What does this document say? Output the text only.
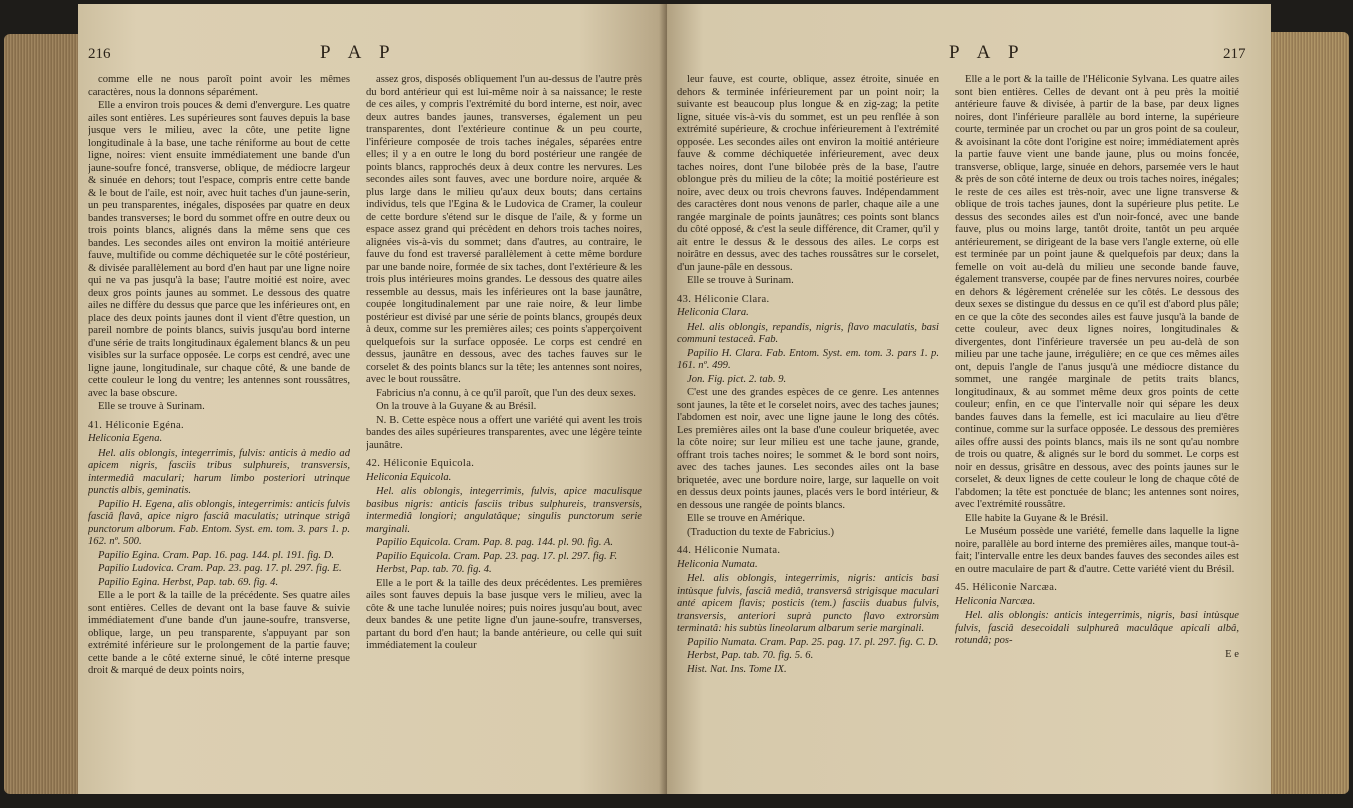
216	P A P

comme elle ne nous paroît point avoir les mêmes caractères, nous la donnons séparément.

Elle a environ trois pouces & demi d'envergure. Les quatre ailes sont entières. Les supérieures sont fauves depuis la base jusque vers le milieu, avec la côte, une petite ligne longitudinale à la base, une tache réniforme au bout de cette ligne, noires: vient ensuite immédiatement une bande d'un jaune-soufre foncé, transverse, oblique, de médiocre largeur & sinuée en dehors; tout l'espace, compris entre cette bande & le bout de l'aile, est noir, avec huit taches d'un jaune-serin, un peu transparentes, inégales, disposées par quatre en deux bandes transverses; le bord du sommet offre en outre deux ou trois points blancs, alignés dans la même sens que ces bandes. Les secondes ailes ont environ la moitié antérieure fauve, multifide ou comme déchiquetée sur le côté postérieur, & divisée parallèlement au bord d'en haut par une ligne noire qui ne va pas jusqu'à la base; l'autre moitié est noire, avec deux gros points jaunes au sommet. Le dessous des quatre ailes ne diffère du dessus que parce que les inférieures ont, en place des deux points jaunes dont il vient d'être question, un pareil nombre de points blancs, suivis jusqu'au bord interne d'une série de traits longitudinaux également blancs & un peu visibles sur la surface opposée. Le corps est cendré, avec une ligne jaune, longitudinale, sur chaque côté, & une bande de cette couleur le long du ventre; les antennes sont roussâtres, avec la base obscure.

Elle se trouve à Surinam.

41. Héliconie Egéna.

Heliconia Egena.

Hel. alis oblongis, integerrimis, fulvis: anticis à medio ad apicem nigris, fasciis tribus sulphureis, transversis, intermediâ maculari; harum limbo posteriori utrinque punctis albis, geminatis.

Papilio H. Egena, alis oblongis, integerrimis: anticis fulvis fasciâ flavâ, apice nigro fasciâ maculatis; utrinque strigâ punctorum alborum. Fab. Entom. Syst. em. tom. 3. pars 1. p. 162. nº. 500.

Papilio Egina. Cram. Pap. 16. pag. 144. pl. 191. fig. D.

Papilio Ludovica. Cram. Pap. 23. pag. 17. pl. 297. fig. E.

Papilio Egina. Herbst, Pap. tab. 69. fig. 4.

Elle a le port & la taille de la précédente. Ses quatre ailes sont entières. Celles de devant ont la base fauve & suivie immédiatement d'une bande d'un jaune-soufre, transverse, oblique, large, un peu transparente, s'appuyant par son extrémité inférieure sur le prolongement de la partie fauve; cette bande a le côté externe sinué, le côté interne presque droit & marqué de deux points noirs,

assez gros, disposés obliquement l'un au-dessus de l'autre près du bord antérieur qui est lui-même noir à sa naissance; le reste de ces ailes, y compris l'extrémité du bord interne, est noir, avec deux autres bandes jaunes, transverses, également un peu transparentes, dont l'extérieure continue & un peu courte, l'inférieure composée de trois taches inégales, séparées entre elles; il y a en outre le long du bord postérieur une rangée de points blancs, rapprochés deux à deux contre les nervures. Les secondes ailes sont fauves, avec une bordure noire, arquée & plus large dans le milieu qu'aux deux bouts; dans certains individus, tels que l'Egina & le Ludovica de Cramer, la couleur de cette bordure s'étend sur le disque de l'aile, & y forme un espace assez grand qui précèdent en dehors trois taches noires, alignées vis-à-vis du sommet; dans d'autres, au contraire, le fauve du fond est traversé parallèlement à cette même bordure par une bande noire, formée de six taches, dont l'extérieure & les trois plus intérieures moins grandes. Le dessous des quatre ailes ressemble au dessus, mais les inférieures ont la base jaunâtre, coupée longitudinalement par une raie noire, & leur limbe postérieur est divisé par une série de points blancs, groupés deux à deux, comme sur les premières ailes; ces points s'apperçoivent quelquefois sur la surface opposée. Le corps est cendré en dessus, jaunâtre en dessous, avec des taches fauves sur le corselet & des points blancs sur la tête; les antennes sont noires, avec le bout roussâtre.

Fabricius n'a connu, à ce qu'il paroît, que l'un des deux sexes.

On la trouve à la Guyane & au Brésil.

N. B. Cette espèce nous a offert une variété qui avent les trois bandes des ailes supérieures transparentes, avec une légère teinte jaunâtre.

42. Héliconie Equicola.

Heliconia Equicola.

Hel. alis oblongis, integerrimis, fulvis, apice maculisque basibus nigris: anticis fasciis tribus sulphureis, transversis, intermediâ longiori; angulatâque; singulis punctorum serie marginali.

Papilio Equicola. Cram. Pap. 8. pag. 144. pl. 90. fig. A.

Papilio Equicola. Cram. Pap. 23. pag. 17. pl. 297. fig. F.

Herbst, Pap. tab. 70. fig. 4.

Elle a le port & la taille des deux précédentes. Les premières ailes sont fauves depuis la base jusque vers le milieu, avec la côte & une tache lunulée noires; puis noires jusqu'au bout, avec deux bandes & une petite ligne d'un jaune-soufre, transverses, partant du bord d'en haut; la bande antérieure, ou celle qui suit immédiatement la couleur

P A P	217

leur fauve, est courte, oblique, assez étroite, sinuée en dehors & terminée inférieurement par un point noir; la suivante est beaucoup plus longue & en zig-zag; la petite ligne, située vis-à-vis du sommet, est un peu renflée à son extrémité supérieure, & crochue inférieurement à l'extrémité opposée. Les secondes ailes ont environ la moitié antérieure fauve & comme déchiquetée inférieurement, avec deux taches noires, dont l'une bilobée près de la base, l'autre oblongue près du milieu de la côte; la moitié postérieure est noire, avec deux ou trois chevrons fauves. Indépendamment des caractères dont nous venons de parler, chaque aile a une rangée marginale de points jaunâtres; ces points sont blancs du côté opposé, & c'est la seule différence, dit Cramer, qu'il y ait entre le dessus & le dessous des ailes. Le corps est noirâtre en dessus, avec des taches roussâtres sur le corselet, d'un jaune-pâle en dessous.

Elle se trouve à Surinam.

43. Héliconie Clara.

Heliconia Clara.

Hel. alis oblongis, repandis, nigris, flavo maculatis, basi communi testaceâ. Fab.

Papilio H. Clara. Fab. Entom. Syst. em. tom. 3. pars 1. p. 161. nº. 499.

Jon. Fig. pict. 2. tab. 9.

C'est une des grandes espèces de ce genre. Les antennes sont jaunes, la tête et le corselet noirs, avec des taches jaunes; l'abdomen est noir, avec une ligne jaune le long des côtés. Les premières ailes ont la base d'une couleur briquetée, avec la côte noire; sur leur milieu est une tache jaune, grande, offrant trois taches noires; le sommet & le bord sont noirs, avec des taches jaunes. Les secondes ailes ont la base briquetée, avec une bordure noire, large, sur laquelle on voit en dessus deux points jaunes, placés vers le bord intérieur, & en dessous une rangée de points blancs.

Elle se trouve en Amérique.

(Traduction du texte de Fabricius.)

44. Héliconie Numata.

Heliconia Numata.

Hel. alis oblongis, integerrimis, nigris: anticis basi intùsque fulvis, fasciâ mediâ, transversâ strigisque maculari anté apicem flavis; posticis (tem.) fasciis duabus fulvis, transversis, anteriori suprà puncto flavo extrorsùm terminatâ: his subtùs lineolarum albarum serie marginali.

Papilio Numata. Cram. Pap. 25. pag. 17. pl. 297. fig. C. D.

Herbst, Pap. tab. 70. fig. 5. 6.

Hist. Nat. Ins. Tome IX.

Elle a le port & la taille de l'Héliconie Sylvana. Les quatre ailes sont bien entières. Celles de devant ont à peu près la moitié antérieure fauve & divisée, à partir de la base, par deux lignes noires, dont l'inférieure parallèle au bord interne, la supérieure courte, terminée par un crochet ou par un gros point de sa couleur, & avoisinant la côte dont l'origine est noire; immédiatement après la partie fauve vient une bande jaune, plus ou moins foncée, transverse, oblique, large, sinuée en dehors, parsemée vers le haut & près de son côté interne de deux ou trois taches noires, inégales; le reste de ces ailes est très-noir, avec une ligne transverse & oblique de trois taches jaunes, dont la supérieure plus petite. Le dessus des secondes ailes est d'un noir-foncé, avec une bande fauve, plus ou moins large, tantôt droite, tantôt un peu arquée antérieurement, se dirigeant de la base vers l'angle externe, où elle est terminée par un point jaune & quelquefois par deux; dans la femelle on voit au-delà du milieu une seconde bande fauve, également transverse, coupée par de fines nervures noires, courbée en dehors & légèrement crénelée sur les côtés. Le dessous des deux sexes se distingue du dessus en ce qu'il est d'abord plus pâle; en ce que la côte des secondes ailes est fauve jusqu'à la bande de cette couleur, avec deux lignes noires, longitudinales & divergentes, dont l'inférieure traversée un peu au-delà de son milieu par une tache jaune, irrégulière; en ce que ces mêmes ailes ont, depuis l'angle de l'anus jusqu'à une médiocre distance du sommet, une rangée marginale de petits traits blancs, longitudinaux, & au sommet même deux gros points de cette couleur; enfin, en ce que l'intervalle noir qui sépare les deux bandes fauves dans la femelle, est ici maculaire au lieu d'être continue, comme sur la surface opposée. Le dessous des premières ailes offre aussi des points blancs, mais ils ne sont qu'au nombre de trois ou quatre, & alignés sur le bord du sommet. Le corps est noir en dessus, grisâtre en dessous, avec des points jaunes sur le corselet, & deux lignes de cette couleur le long de chaque côté de l'abdomen; la tête est ponctuée de blanc; les antennes sont noires, avec l'extrémité roussâtre.

Elle habite la Guyane & le Brésil.

Le Muséum possède une variété, femelle dans laquelle la ligne noire, parallèle au bord interne des premières ailes, manque tout-à-fait; l'intervalle entre les deux bandes fauves des secondes ailes est en outre maculaire de part & d'autre. Cette variété vient du Brésil.

45. Héliconie Narcæa.

Heliconia Narcæa.

Hel. alis oblongis: anticis integerrimis, nigris, basi intùsque fulvis, fasciâ desecoidali sulphureâ maculâque apicali albâ, rotundâ; pos-

E e
